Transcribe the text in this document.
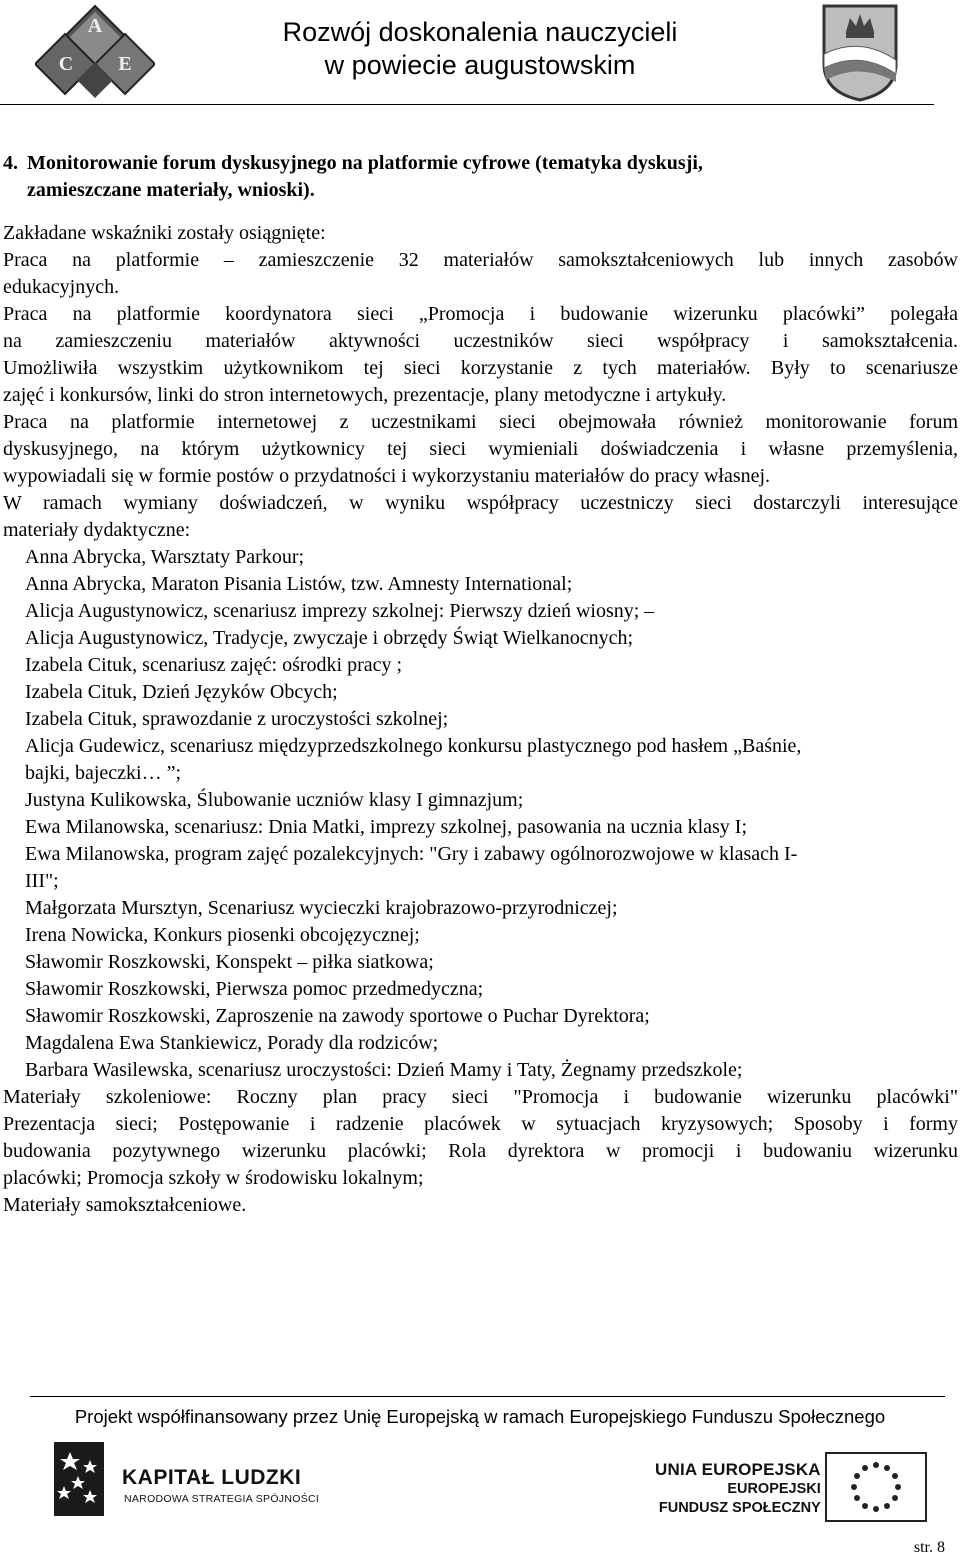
A
C E
Rozwój doskonalenia nauczycieli
w powiecie augustowskim
4. Monitorowanie forum dyskusyjnego na platformie cyfrowe (tematyka dyskusji,
zamieszczane materiały, wnioski).

Zakładane wskaźniki zostały osiągnięte:

Praca na platformie – zamieszczenie 32 materiałów samokształceniowych lub innych zasobów

edukacyjnych.

Praca na platformie koordynatora sieci „Promocja i budowanie wizerunku placówki” polegała

na zamieszczeniu materiałów aktywności uczestników sieci współpracy i samokształcenia.

Umożliwiła wszystkim użytkownikom tej sieci korzystanie z tych materiałów. Były to scenariusze

zajęć i konkursów, linki do stron internetowych, prezentacje, plany metodyczne i artykuły.

Praca na platformie internetowej z uczestnikami sieci obejmowała również monitorowanie forum

dyskusyjnego, na którym użytkownicy tej sieci wymieniali doświadczenia i własne przemyślenia,

wypowiadali się w formie postów o przydatności i wykorzystaniu materiałów do pracy własnej.

W ramach wymiany doświadczeń, w wyniku współpracy uczestniczy sieci dostarczyli interesujące

materiały dydaktyczne:

Anna Abrycka, Warsztaty Parkour;
Anna Abrycka, Maraton Pisania Listów, tzw. Amnesty International;
Alicja Augustynowicz, scenariusz imprezy szkolnej: Pierwszy dzień wiosny; –
Alicja Augustynowicz, Tradycje, zwyczaje i obrzędy Świąt Wielkanocnych;
Izabela Cituk, scenariusz zajęć: ośrodki pracy ;
Izabela Cituk, Dzień Języków Obcych;
Izabela Cituk, sprawozdanie z uroczystości szkolnej;
Alicja Gudewicz, scenariusz międzyprzedszkolnego konkursu plastycznego pod hasłem „Baśnie,
bajki, bajeczki… ”;
Justyna Kulikowska, Ślubowanie uczniów klasy I gimnazjum;
Ewa Milanowska, scenariusz: Dnia Matki, imprezy szkolnej, pasowania na ucznia klasy I;
Ewa Milanowska, program zajęć pozalekcyjnych: "Gry i zabawy ogólnorozwojowe w klasach I-
III";
Małgorzata Mursztyn, Scenariusz wycieczki krajobrazowo-przyrodniczej;
Irena Nowicka, Konkurs piosenki obcojęzycznej;
Sławomir Roszkowski, Konspekt – piłka siatkowa;
Sławomir Roszkowski, Pierwsza pomoc przedmedyczna;
Sławomir Roszkowski, Zaproszenie na zawody sportowe o Puchar Dyrektora;
Magdalena Ewa Stankiewicz, Porady dla rodziców;
Barbara Wasilewska, scenariusz uroczystości: Dzień Mamy i Taty, Żegnamy przedszkole;

Materiały szkoleniowe: Roczny plan pracy sieci "Promocja i budowanie wizerunku placówki"

Prezentacja sieci; Postępowanie i radzenie placówek w sytuacjach kryzysowych; Sposoby i formy

budowania pozytywnego wizerunku placówki; Rola dyrektora w promocji i budowaniu wizerunku

placówki; Promocja szkoły w środowisku lokalnym;

Materiały samokształceniowe.

Projekt współfinansowany przez Unię Europejską w ramach Europejskiego Funduszu Społecznego
KAPITAŁ LUDZKI
NARODOWA STRATEGIA SPÓJNOŚCI
UNIA EUROPEJSKA
EUROPEJSKI
FUNDUSZ SPOŁECZNY
str. 8
